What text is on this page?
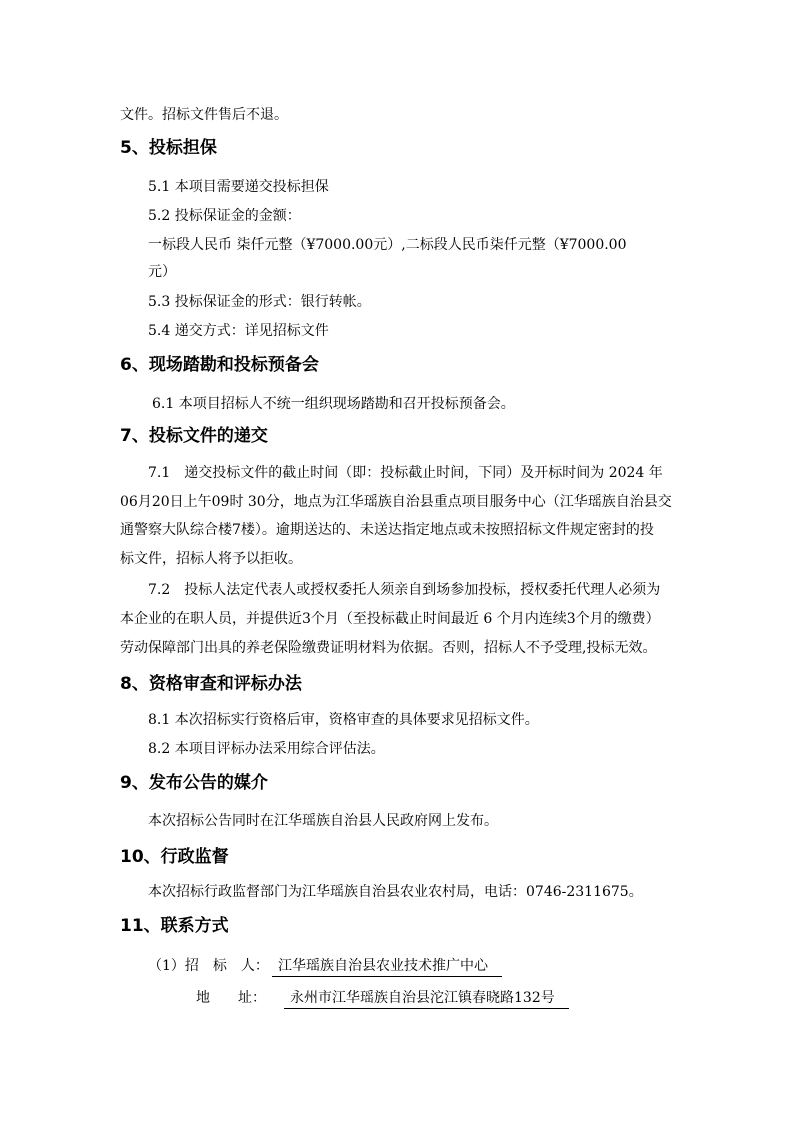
文件。招标文件售后不退。
5、投标担保
5.1 本项目需要递交投标担保
5.2 投标保证金的金额：
一标段人民币 柒仟元整（¥7000.00元）,二标段人民币柒仟元整（¥7000.00
元）
5.3 投标保证金的形式：银行转帐。
5.4 递交方式：详见招标文件
6、现场踏勘和投标预备会
6.1 本项目招标人不统一组织现场踏勘和召开投标预备会。
7、投标文件的递交
7.1　递交投标文件的截止时间（即：投标截止时间，下同）及开标时间为 2024 年
06月20日上午09时 30分，地点为江华瑶族自治县重点项目服务中心（江华瑶族自治县交
通警察大队综合楼7楼）。逾期送达的、未送达指定地点或未按照招标文件规定密封的投
标文件，招标人将予以拒收。
7.2　投标人法定代表人或授权委托人须亲自到场参加投标，授权委托代理人必须为
本企业的在职人员，并提供近3个月（至投标截止时间最近 6 个月内连续3个月的缴费）
劳动保障部门出具的养老保险缴费证明材料为依据。否则，招标人不予受理,投标无效。
8、资格审查和评标办法
8.1 本次招标实行资格后审，资格审查的具体要求见招标文件。
8.2 本项目评标办法采用综合评估法。
9、发布公告的媒介
本次招标公告同时在江华瑶族自治县人民政府网上发布。
10、行政监督
本次招标行政监督部门为江华瑶族自治县农业农村局，电话：0746-2311675。
11、联系方式
（1）招　标　人： 江华瑶族自治县农业技术推广中心
地　　址：	永州市江华瑶族自治县沱江镇春晓路132号
